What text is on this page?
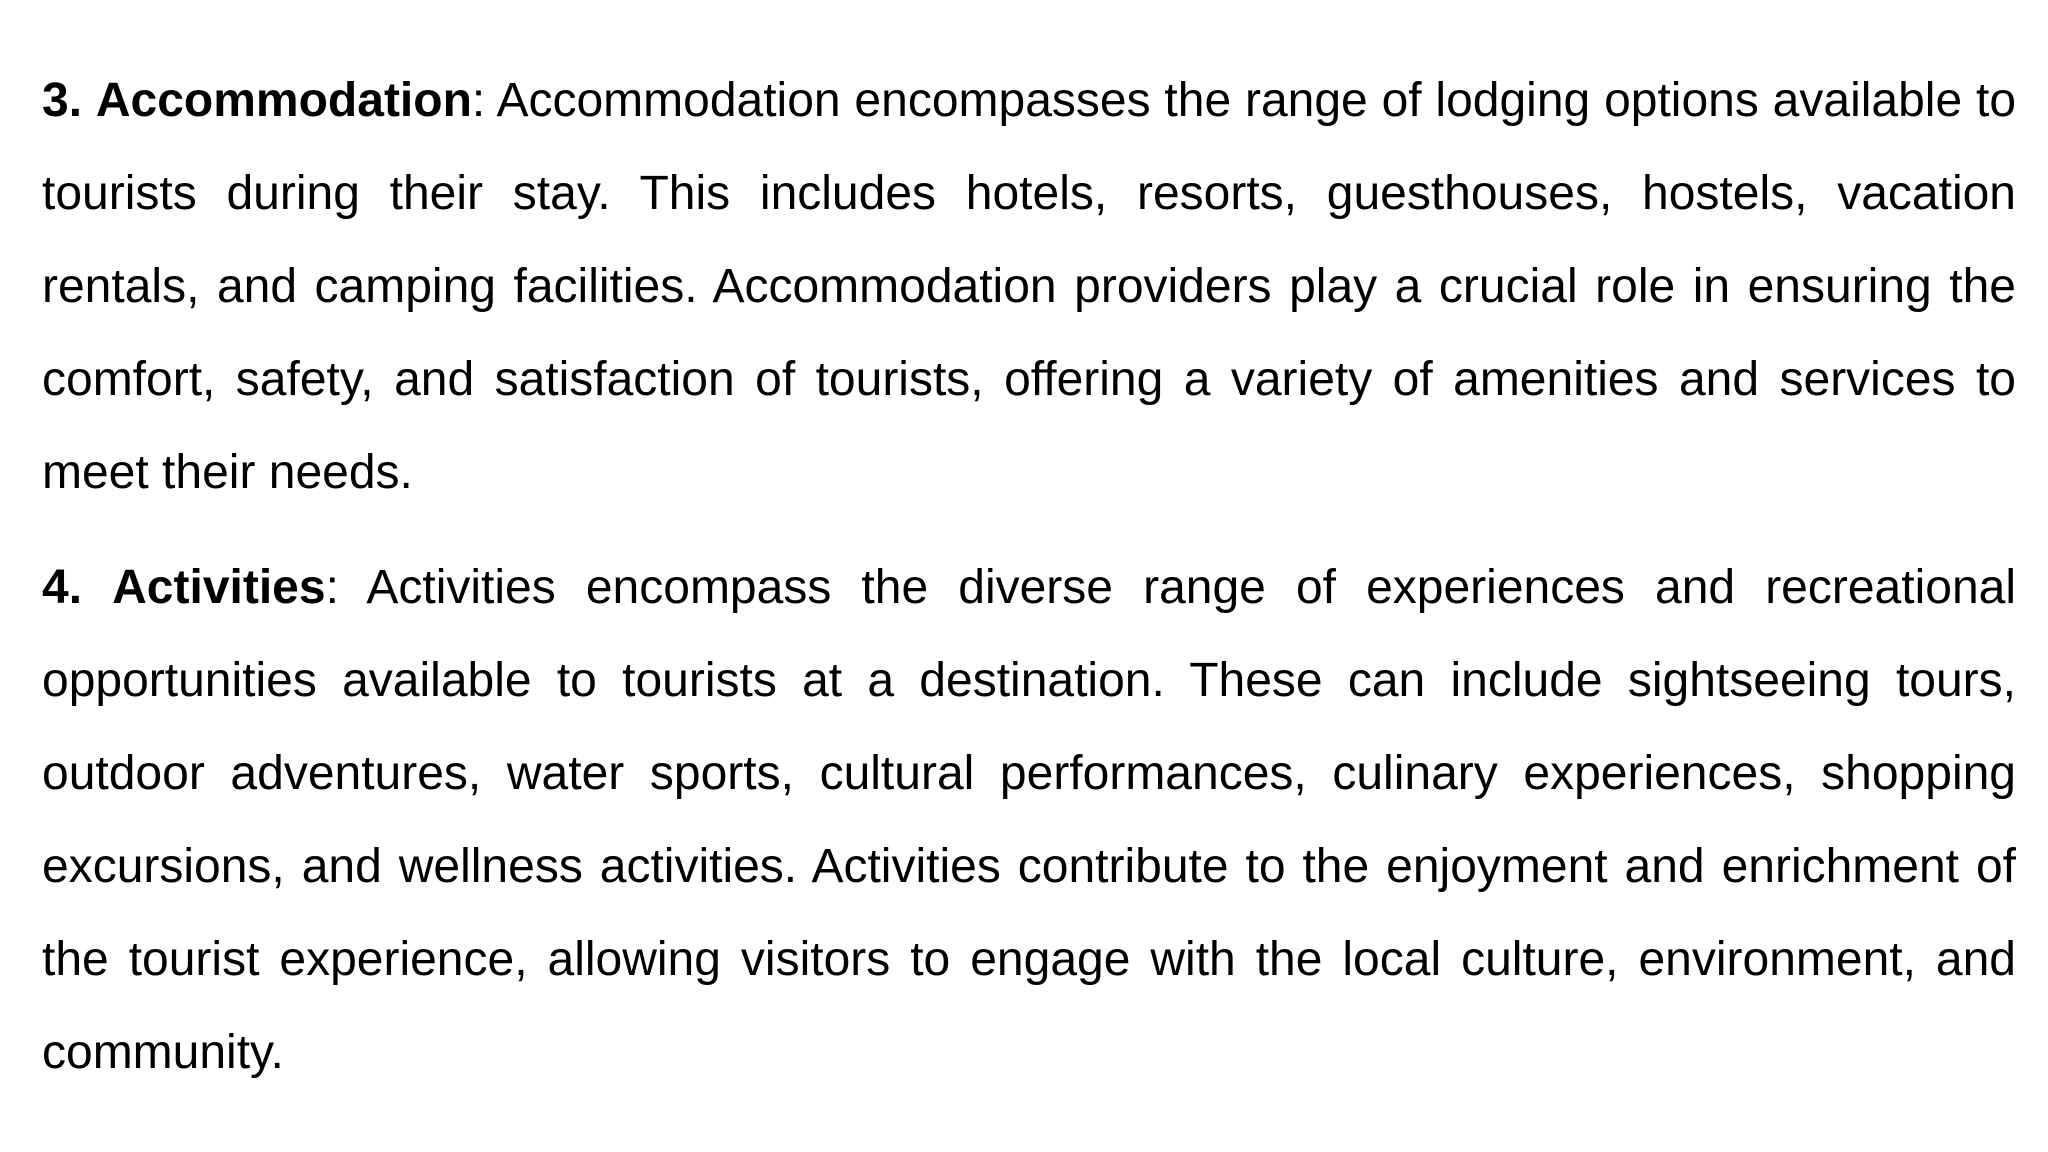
3. Accommodation: Accommodation encompasses the range of lodging options available to tourists during their stay. This includes hotels, resorts, guesthouses, hostels, vacation rentals, and camping facilities. Accommodation providers play a crucial role in ensuring the comfort, safety, and satisfaction of tourists, offering a variety of amenities and services to meet their needs.

4. Activities: Activities encompass the diverse range of experiences and recreational opportunities available to tourists at a destination. These can include sightseeing tours, outdoor adventures, water sports, cultural performances, culinary experiences, shopping excursions, and wellness activities. Activities contribute to the enjoyment and enrichment of the tourist experience, allowing visitors to engage with the local culture, environment, and community.
